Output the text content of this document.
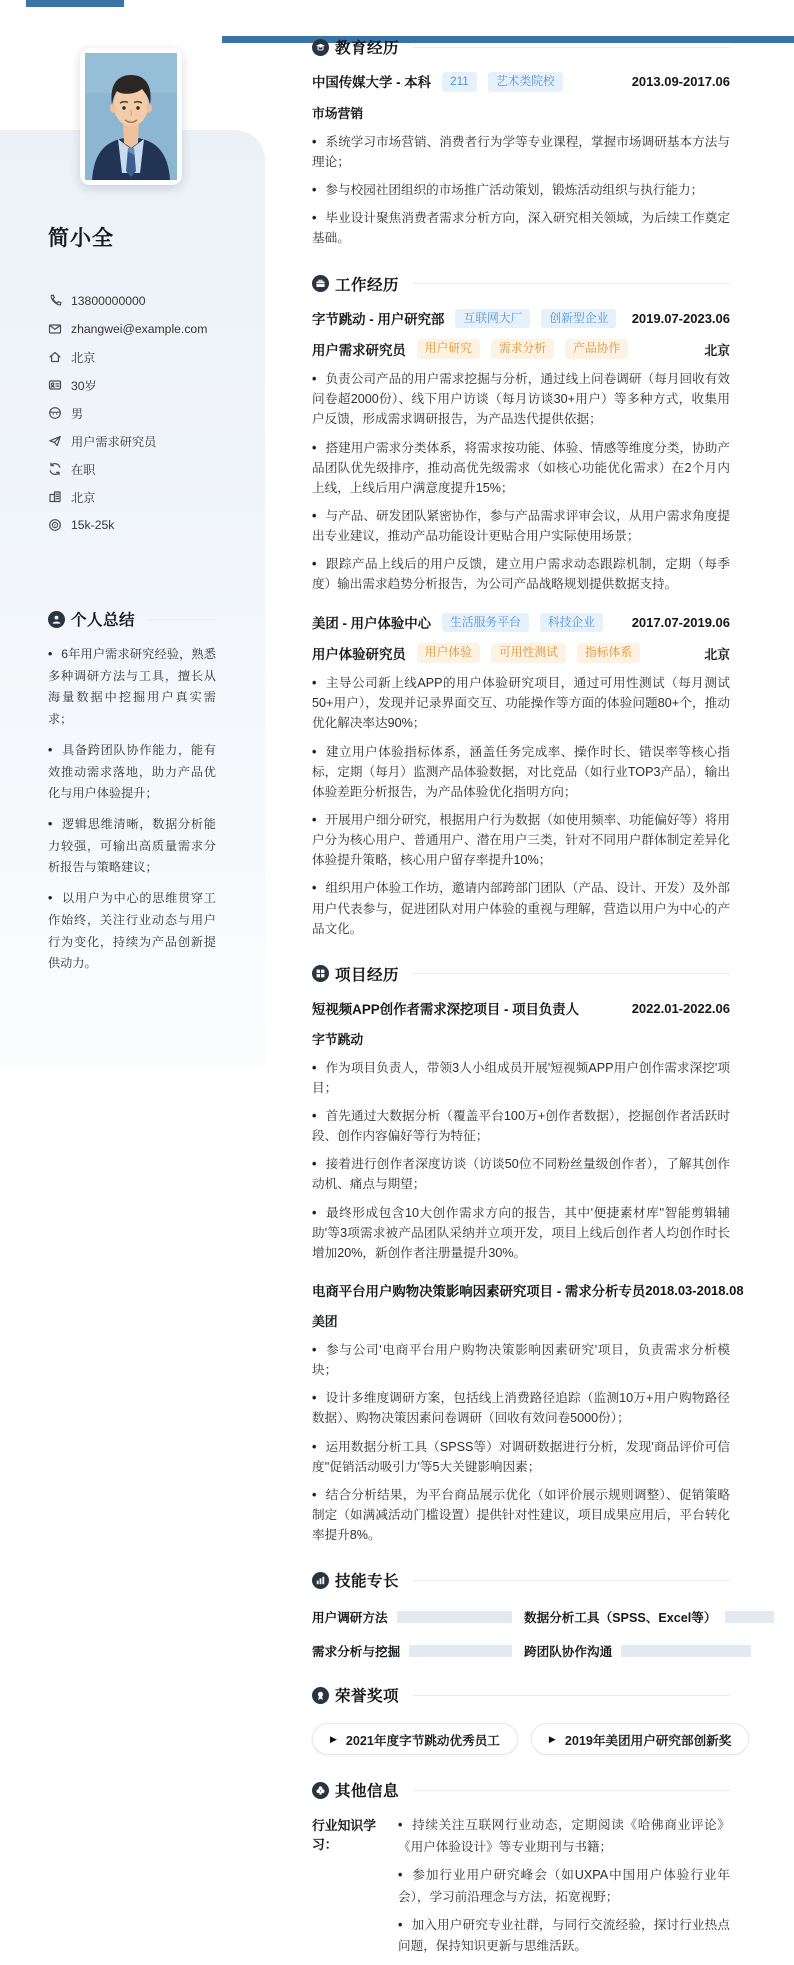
简小全
13800000000
zhangwei@example.com
北京
30岁
男
用户需求研究员
在职
北京
15k-25k
个人总结

• 6年用户需求研究经验，熟悉多种调研方法与工具，擅长从海量数据中挖掘用户真实需求；

• 具备跨团队协作能力，能有效推动需求落地，助力产品优化与用户体验提升；

• 逻辑思维清晰，数据分析能力较强，可输出高质量需求分析报告与策略建议；

• 以用户为中心的思维贯穿工作始终，关注行业动态与用户行为变化，持续为产品创新提供动力。

教育经历
中国传媒大学 - 本科	211	艺术类院校	2013.09-2017.06
市场营销

• 系统学习市场营销、消费者行为学等专业课程，掌握市场调研基本方法与理论；

• 参与校园社团组织的市场推广活动策划，锻炼活动组织与执行能力；

• 毕业设计聚焦消费者需求分析方向，深入研究相关领域，为后续工作奠定基础。

工作经历
字节跳动 - 用户研究部	互联网大厂	创新型企业	2019.07-2023.06
用户需求研究员	用户研究	需求分析	产品协作	北京

• 负责公司产品的用户需求挖掘与分析，通过线上问卷调研（每月回收有效问卷超2000份）、线下用户访谈（每月访谈30+用户）等多种方式，收集用户反馈，形成需求调研报告，为产品迭代提供依据；

• 搭建用户需求分类体系，将需求按功能、体验、情感等维度分类，协助产品团队优先级排序，推动高优先级需求（如核心功能优化需求）在2个月内上线，上线后用户满意度提升15%；

• 与产品、研发团队紧密协作，参与产品需求评审会议，从用户需求角度提出专业建议，推动产品功能设计更贴合用户实际使用场景；

• 跟踪产品上线后的用户反馈，建立用户需求动态跟踪机制，定期（每季度）输出需求趋势分析报告，为公司产品战略规划提供数据支持。

美团 - 用户体验中心	生活服务平台	科技企业	2017.07-2019.06
用户体验研究员	用户体验	可用性测试	指标体系	北京

• 主导公司新上线APP的用户体验研究项目，通过可用性测试（每月测试50+用户），发现并记录界面交互、功能操作等方面的体验问题80+个，推动优化解决率达90%；

• 建立用户体验指标体系，涵盖任务完成率、操作时长、错误率等核心指标，定期（每月）监测产品体验数据，对比竞品（如行业TOP3产品），输出体验差距分析报告，为产品体验优化指明方向；

• 开展用户细分研究，根据用户行为数据（如使用频率、功能偏好等）将用户分为核心用户、普通用户、潜在用户三类，针对不同用户群体制定差异化体验提升策略，核心用户留存率提升10%；

• 组织用户体验工作坊，邀请内部跨部门团队（产品、设计、开发）及外部用户代表参与，促进团队对用户体验的重视与理解，营造以用户为中心的产品文化。

项目经历
短视频APP创作者需求深挖项目 - 项目负责人	2022.01-2022.06
字节跳动

• 作为项目负责人，带领3人小组成员开展'短视频APP用户创作需求深挖'项目；

• 首先通过大数据分析（覆盖平台100万+创作者数据），挖掘创作者活跃时段、创作内容偏好等行为特征；

• 接着进行创作者深度访谈（访谈50位不同粉丝量级创作者），了解其创作动机、痛点与期望；

• 最终形成包含10大创作需求方向的报告，其中'便捷素材库''智能剪辑辅助'等3项需求被产品团队采纳并立项开发，项目上线后创作者人均创作时长增加20%，新创作者注册量提升30%。

电商平台用户购物决策影响因素研究项目 - 需求分析专员 2018.03-2018.08
美团

• 参与公司'电商平台用户购物决策影响因素研究'项目，负责需求分析模块；

• 设计多维度调研方案，包括线上消费路径追踪（监测10万+用户购物路径数据）、购物决策因素问卷调研（回收有效问卷5000份）；

• 运用数据分析工具（SPSS等）对调研数据进行分析，发现'商品评价可信度''促销活动吸引力'等5大关键影响因素；

• 结合分析结果，为平台商品展示优化（如评价展示规则调整）、促销策略制定（如满减活动门槛设置）提供针对性建议，项目成果应用后，平台转化率提升8%。

技能专长
用户调研方法	数据分析工具（SPSS、Excel等）
需求分析与挖掘	跨团队协作沟通
荣誉奖项
▶ 2021年度字节跳动优秀员工	▶ 2019年美团用户研究部创新奖
其他信息
行业知识学习：

• 持续关注互联网行业动态，定期阅读《哈佛商业评论》《用户体验设计》等专业期刊与书籍；

• 参加行业用户研究峰会（如UXPA中国用户体验行业年会），学习前沿理念与方法，拓宽视野；

• 加入用户研究专业社群，与同行交流经验，探讨行业热点问题，保持知识更新与思维活跃。
